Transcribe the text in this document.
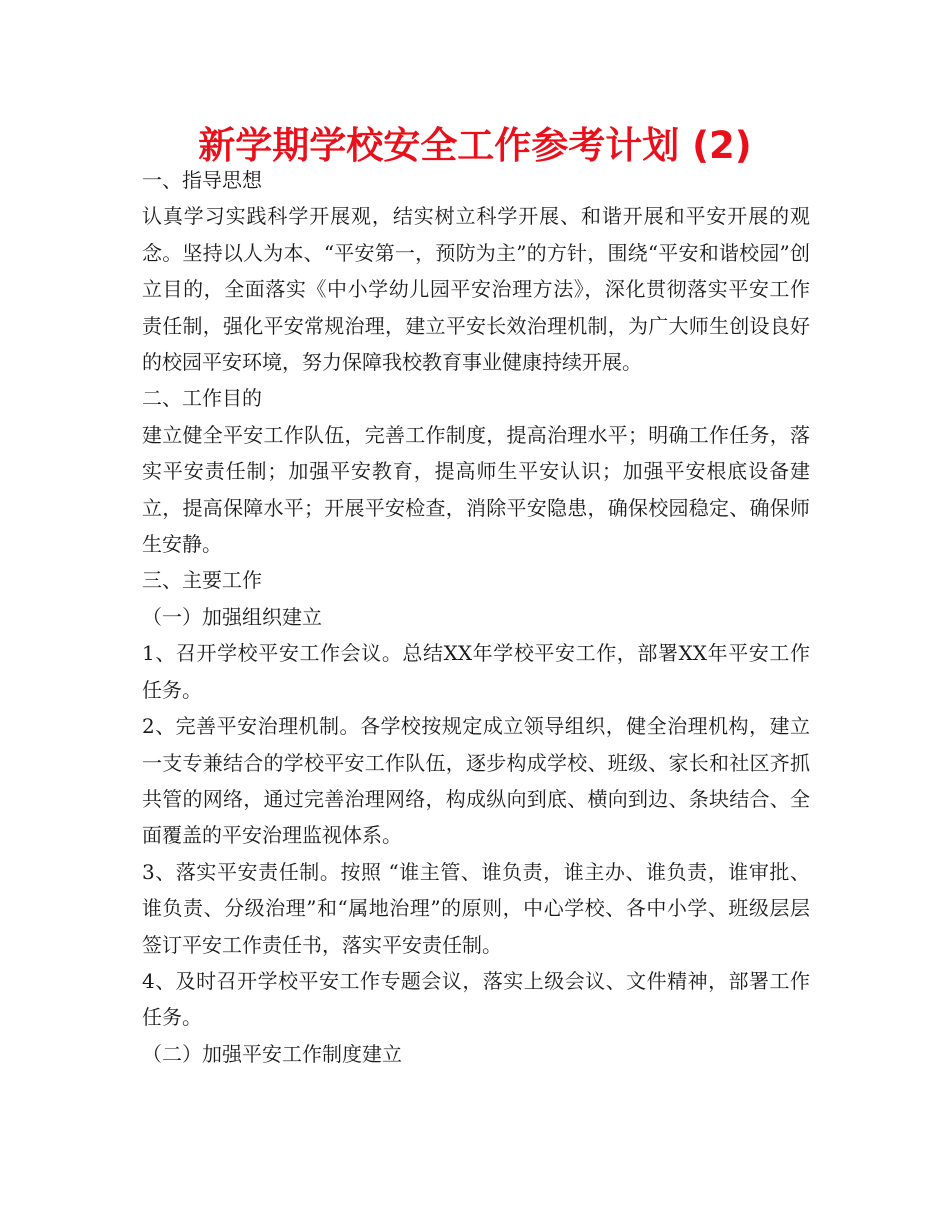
新学期学校安全工作参考计划 (2)

一、指导思想

认真学习实践科学开展观，结实树立科学开展、和谐开展和平安开展的观念。坚持以人为本、“平安第一，预防为主”的方针，围绕“平安和谐校园”创立目的，全面落实《中小学幼儿园平安治理方法》，深化贯彻落实平安工作责任制，强化平安常规治理，建立平安长效治理机制，为广大师生创设良好的校园平安环境，努力保障我校教育事业健康持续开展。

二、工作目的

建立健全平安工作队伍，完善工作制度，提高治理水平；明确工作任务，落实平安责任制；加强平安教育，提高师生平安认识；加强平安根底设备建立，提高保障水平；开展平安检查，消除平安隐患，确保校园稳定、确保师生安静。

三、主要工作

（一）加强组织建立

1、召开学校平安工作会议。总结XX年学校平安工作，部署XX年平安工作任务。

2、完善平安治理机制。各学校按规定成立领导组织，健全治理机构，建立一支专兼结合的学校平安工作队伍，逐步构成学校、班级、家长和社区齐抓共管的网络，通过完善治理网络，构成纵向到底、横向到边、条块结合、全面覆盖的平安治理监视体系。

3、落实平安责任制。按照 “谁主管、谁负责，谁主办、谁负责，谁审批、谁负责、分级治理”和“属地治理”的原则，中心学校、各中小学、班级层层签订平安工作责任书，落实平安责任制。

4、及时召开学校平安工作专题会议，落实上级会议、文件精神，部署工作任务。

（二）加强平安工作制度建立
